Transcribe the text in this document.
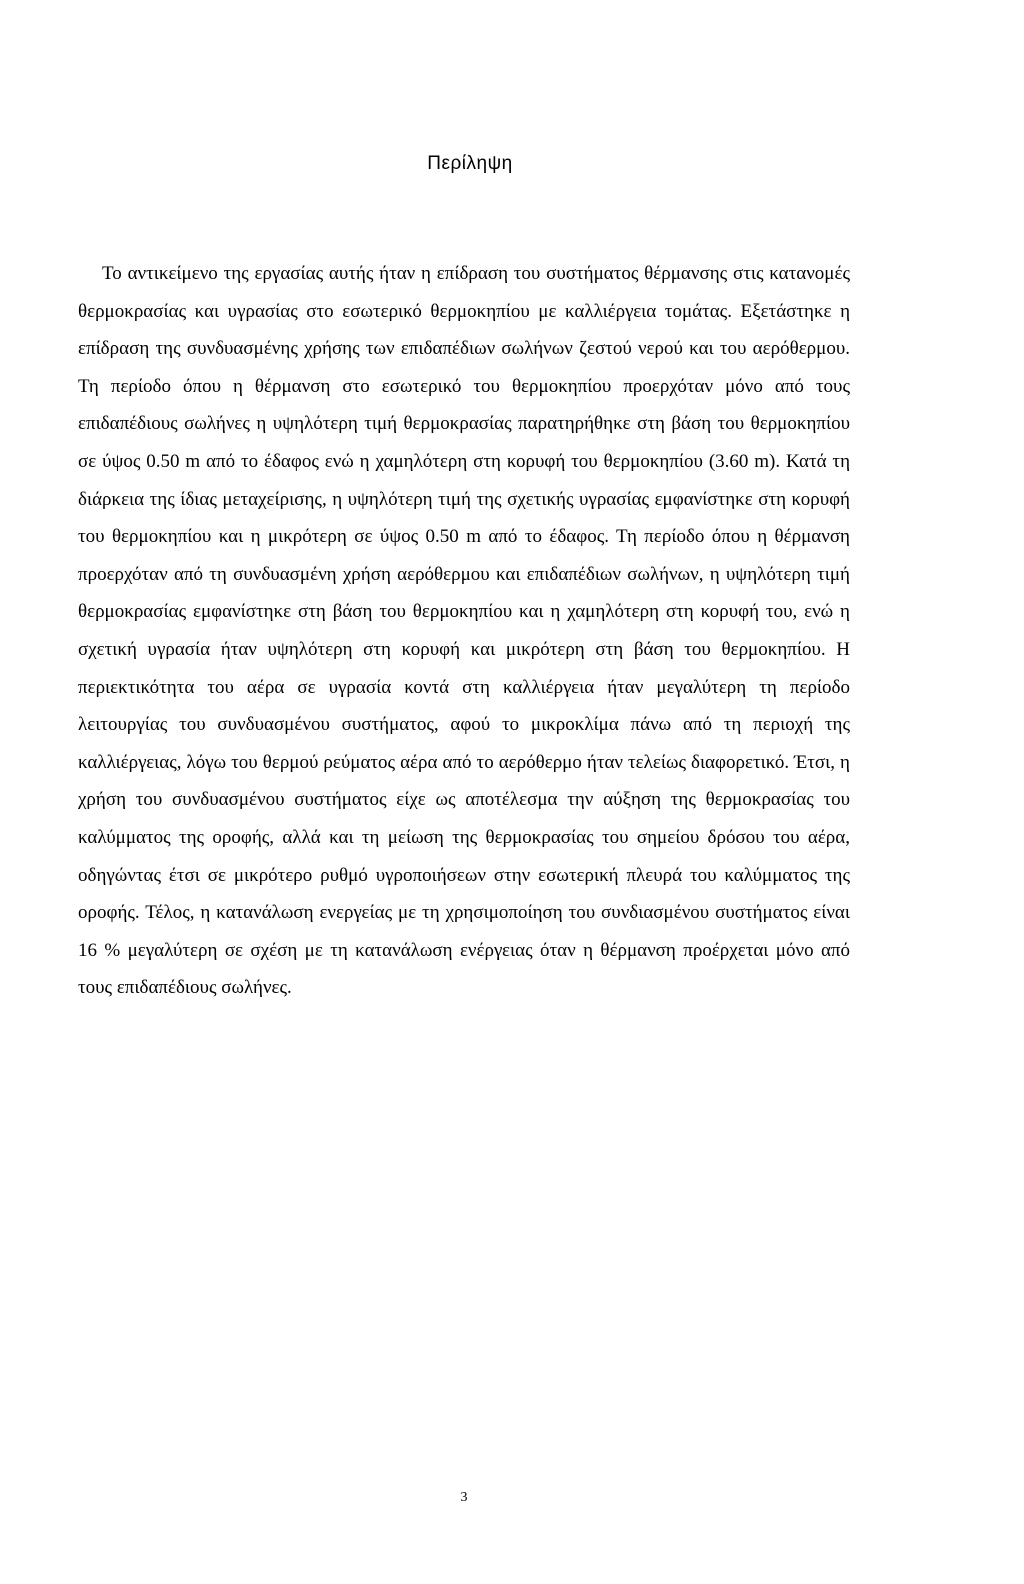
Περίληψη

Το αντικείμενο της εργασίας αυτής ήταν η επίδραση του συστήματος θέρμανσης στις κατανομές θερμοκρασίας και υγρασίας στο εσωτερικό θερμοκηπίου με καλλιέργεια τομάτας. Εξετάστηκε η επίδραση της συνδυασμένης χρήσης των επιδαπέδιων σωλήνων ζεστού νερού και του αερόθερμου. Τη περίοδο όπου η θέρμανση στο εσωτερικό του θερμοκηπίου προερχόταν μόνο από τους επιδαπέδιους σωλήνες η υψηλότερη τιμή θερμοκρασίας παρατηρήθηκε στη βάση του θερμοκηπίου σε ύψος 0.50 m από το έδαφος ενώ η χαμηλότερη στη κορυφή του θερμοκηπίου (3.60 m). Κατά τη διάρκεια της ίδιας μεταχείρισης, η υψηλότερη τιμή της σχετικής υγρασίας εμφανίστηκε στη κορυφή του θερμοκηπίου και η μικρότερη σε ύψος 0.50 m από το έδαφος. Τη περίοδο όπου η θέρμανση προερχόταν από τη συνδυασμένη χρήση αερόθερμου και επιδαπέδιων σωλήνων, η υψηλότερη τιμή θερμοκρασίας εμφανίστηκε στη βάση του θερμοκηπίου και η χαμηλότερη στη κορυφή του, ενώ η σχετική υγρασία ήταν υψηλότερη στη κορυφή και μικρότερη στη βάση του θερμοκηπίου. Η περιεκτικότητα του αέρα σε υγρασία κοντά στη καλλιέργεια ήταν μεγαλύτερη τη περίοδο λειτουργίας του συνδυασμένου συστήματος, αφού το μικροκλίμα πάνω από τη περιοχή της καλλιέργειας, λόγω του θερμού ρεύματος αέρα από το αερόθερμο ήταν τελείως διαφορετικό. Έτσι, η χρήση του συνδυασμένου συστήματος είχε ως αποτέλεσμα την αύξηση της θερμοκρασίας του καλύμματος της οροφής, αλλά και τη μείωση της θερμοκρασίας του σημείου δρόσου του αέρα, οδηγώντας έτσι σε μικρότερο ρυθμό υγροποιήσεων στην εσωτερική πλευρά του καλύμματος της οροφής. Τέλος, η κατανάλωση ενεργείας με τη χρησιμοποίηση του συνδιασμένου συστήματος είναι 16 % μεγαλύτερη σε σχέση με τη κατανάλωση ενέργειας όταν η θέρμανση προέρχεται μόνο από τους επιδαπέδιους σωλήνες.

3
